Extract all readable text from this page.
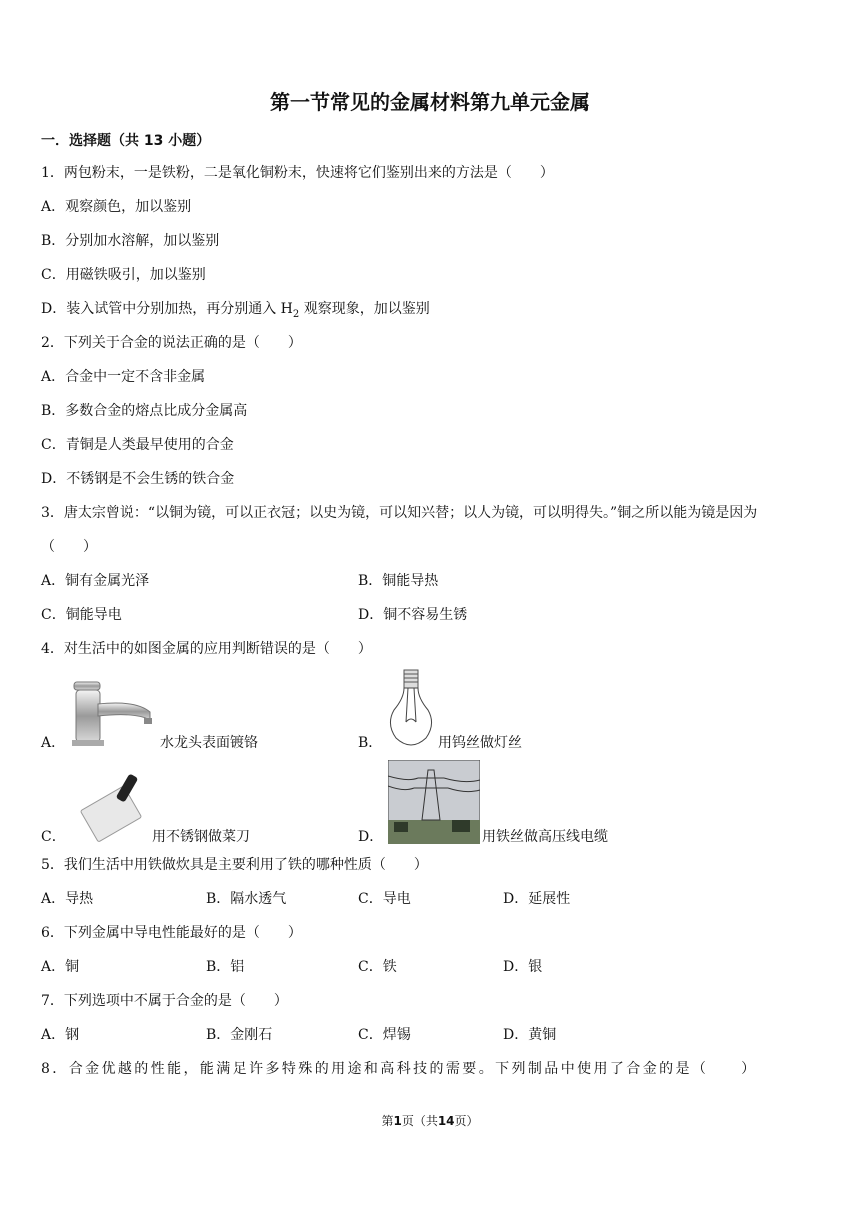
第一节常见的金属材料第九单元金属
一．选择题（共 13 小题）
1．两包粉末，一是铁粉，二是氧化铜粉末，快速将它们鉴别出来的方法是（　　）
A．观察颜色，加以鉴别
B．分别加水溶解，加以鉴别
C．用磁铁吸引，加以鉴别
D．装入试管中分别加热，再分别通入 $H_2$ 观察现象，加以鉴别
2．下列关于合金的说法正确的是（　　）
A．合金中一定不含非金属
B．多数合金的熔点比成分金属高
C．青铜是人类最早使用的合金
D．不锈钢是不会生锈的铁合金
3．唐太宗曾说：“以铜为镜，可以正衣冠；以史为镜，可以知兴替；以人为镜，可以明得失。”铜之所以能为镜是因为
（　　）
A．铜有金属光泽	B．铜能导热
C．铜能导电	D．铜不容易生锈
4．对生活中的如图金属的应用判断错误的是（　　）
A．	水龙头表面镀铬	B．	用钨丝做灯丝
C．	用不锈钢做菜刀	D．	用铁丝做高压线电缆
5．我们生活中用铁做炊具是主要利用了铁的哪种性质（　　）
A．导热	B．隔水透气	C．导电	D．延展性
6．下列金属中导电性能最好的是（　　）
A．铜	B．铝	C．铁	D．银
7．下列选项中不属于合金的是（　　）
A．钢	B．金刚石	C．焊锡	D．黄铜
8．合金优越的性能，能满足许多特殊的用途和高科技的需要。下列制品中使用了合金的是（　　）
第1页（共14页）
